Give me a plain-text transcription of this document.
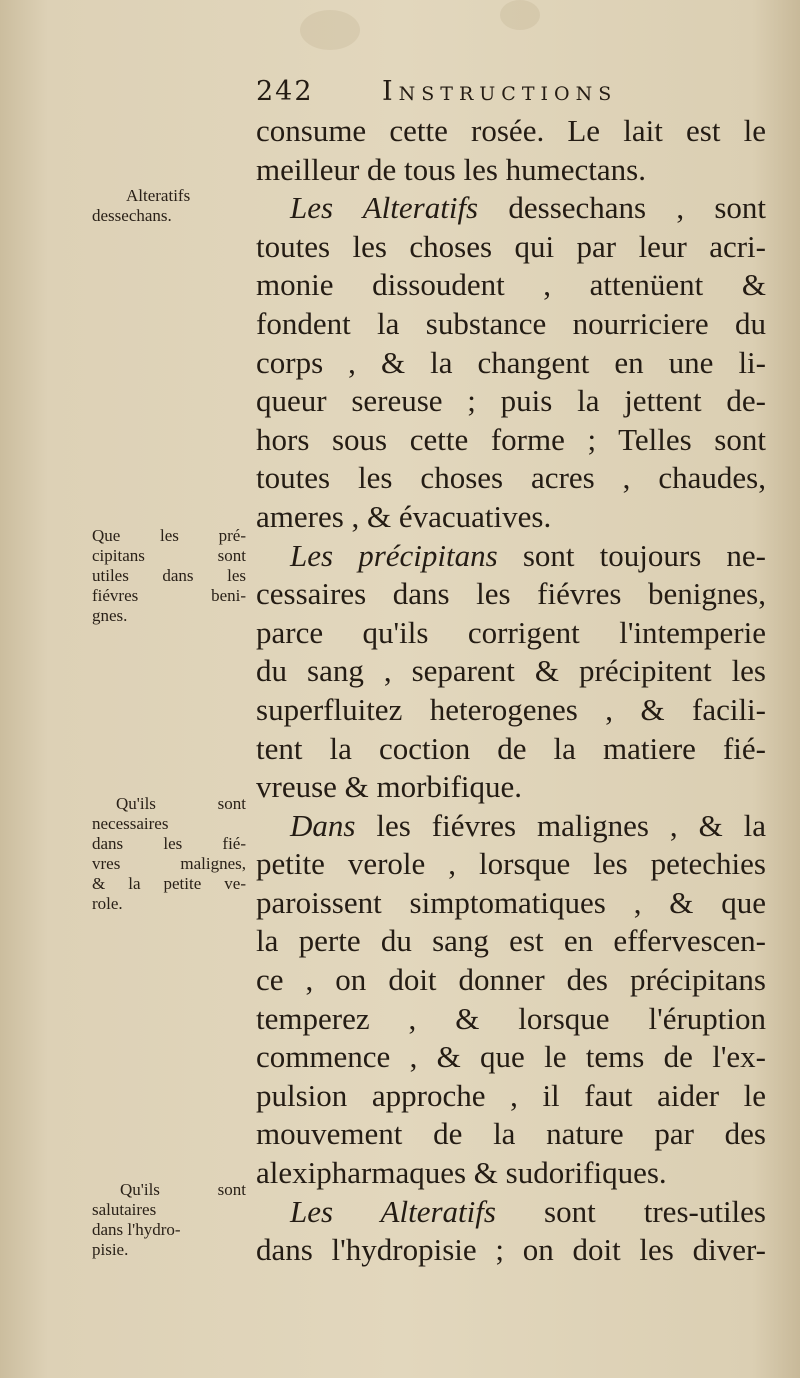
242	Instructions
Alteratifs
dessechans.
Que les pré-
cipitans sont
utiles dans les
fiévres beni-
gnes.
Qu'ils sont
necessaires
dans les fié-
vres malignes,
& la petite ve-
role.
Qu'ils sont
salutaires
dans l'hydro-
pisie.
consume cette rosée. Le lait est le
meilleur de tous les humectans.
Les Alteratifs dessechans , sont
toutes les choses qui par leur acri-
monie dissoudent , attenüent &
fondent la substance nourriciere du
corps , & la changent en une li-
queur sereuse ; puis la jettent de-
hors sous cette forme ; Telles sont
toutes les choses acres , chaudes,
ameres , & évacuatives.
Les précipitans sont toujours ne-
cessaires dans les fiévres benignes,
parce qu'ils corrigent l'intemperie
du sang , separent & précipitent les
superfluitez heterogenes , & facili-
tent la coction de la matiere fié-
vreuse & morbifique.
Dans les fiévres malignes , & la
petite verole , lorsque les petechies
paroissent simptomatiques , & que
la perte du sang est en effervescen-
ce , on doit donner des précipitans
temperez , & lorsque l'éruption
commence , & que le tems de l'ex-
pulsion approche , il faut aider le
mouvement de la nature par des
alexipharmaques & sudorifiques.
Les Alteratifs sont tres-utiles
dans l'hydropisie ; on doit les diver-
